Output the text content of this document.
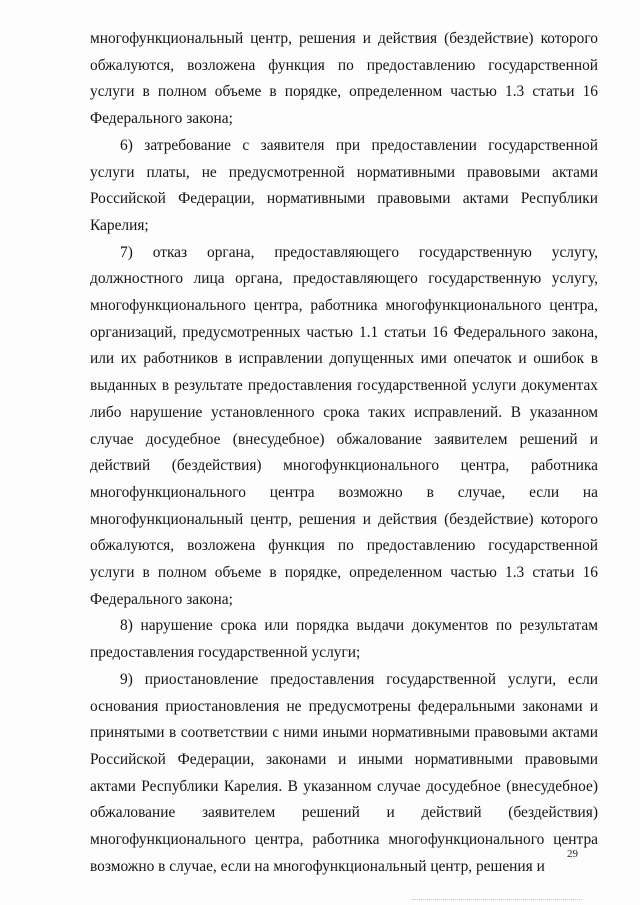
многофункциональный центр, решения и действия (бездействие) которого обжалуются, возложена функция по предоставлению государственной услуги в полном объеме в порядке, определенном частью 1.3 статьи 16 Федерального закона;

6) затребование с заявителя при предоставлении государственной услуги платы, не предусмотренной нормативными правовыми актами Российской Федерации, нормативными правовыми актами Республики Карелия;

7) отказ органа, предоставляющего государственную услугу, должностного лица органа, предоставляющего государственную услугу, многофункционального центра, работника многофункционального центра, организаций, предусмотренных частью 1.1 статьи 16 Федерального закона, или их работников в исправлении допущенных ими опечаток и ошибок в выданных в результате предоставления государственной услуги документах либо нарушение установленного срока таких исправлений. В указанном случае досудебное (внесудебное) обжалование заявителем решений и действий (бездействия) многофункционального центра, работника многофункционального центра возможно в случае, если на многофункциональный центр, решения и действия (бездействие) которого обжалуются, возложена функция по предоставлению государственной услуги в полном объеме в порядке, определенном частью 1.3 статьи 16 Федерального закона;

8) нарушение срока или порядка выдачи документов по результатам предоставления государственной услуги;

9) приостановление предоставления государственной услуги, если основания приостановления не предусмотрены федеральными законами и принятыми в соответствии с ними иными нормативными правовыми актами Российской Федерации, законами и иными нормативными правовыми актами Республики Карелия. В указанном случае досудебное (внесудебное) обжалование заявителем решений и действий (бездействия) многофункционального центра, работника многофункционального центра возможно в случае, если на многофункциональный центр, решения и

29
